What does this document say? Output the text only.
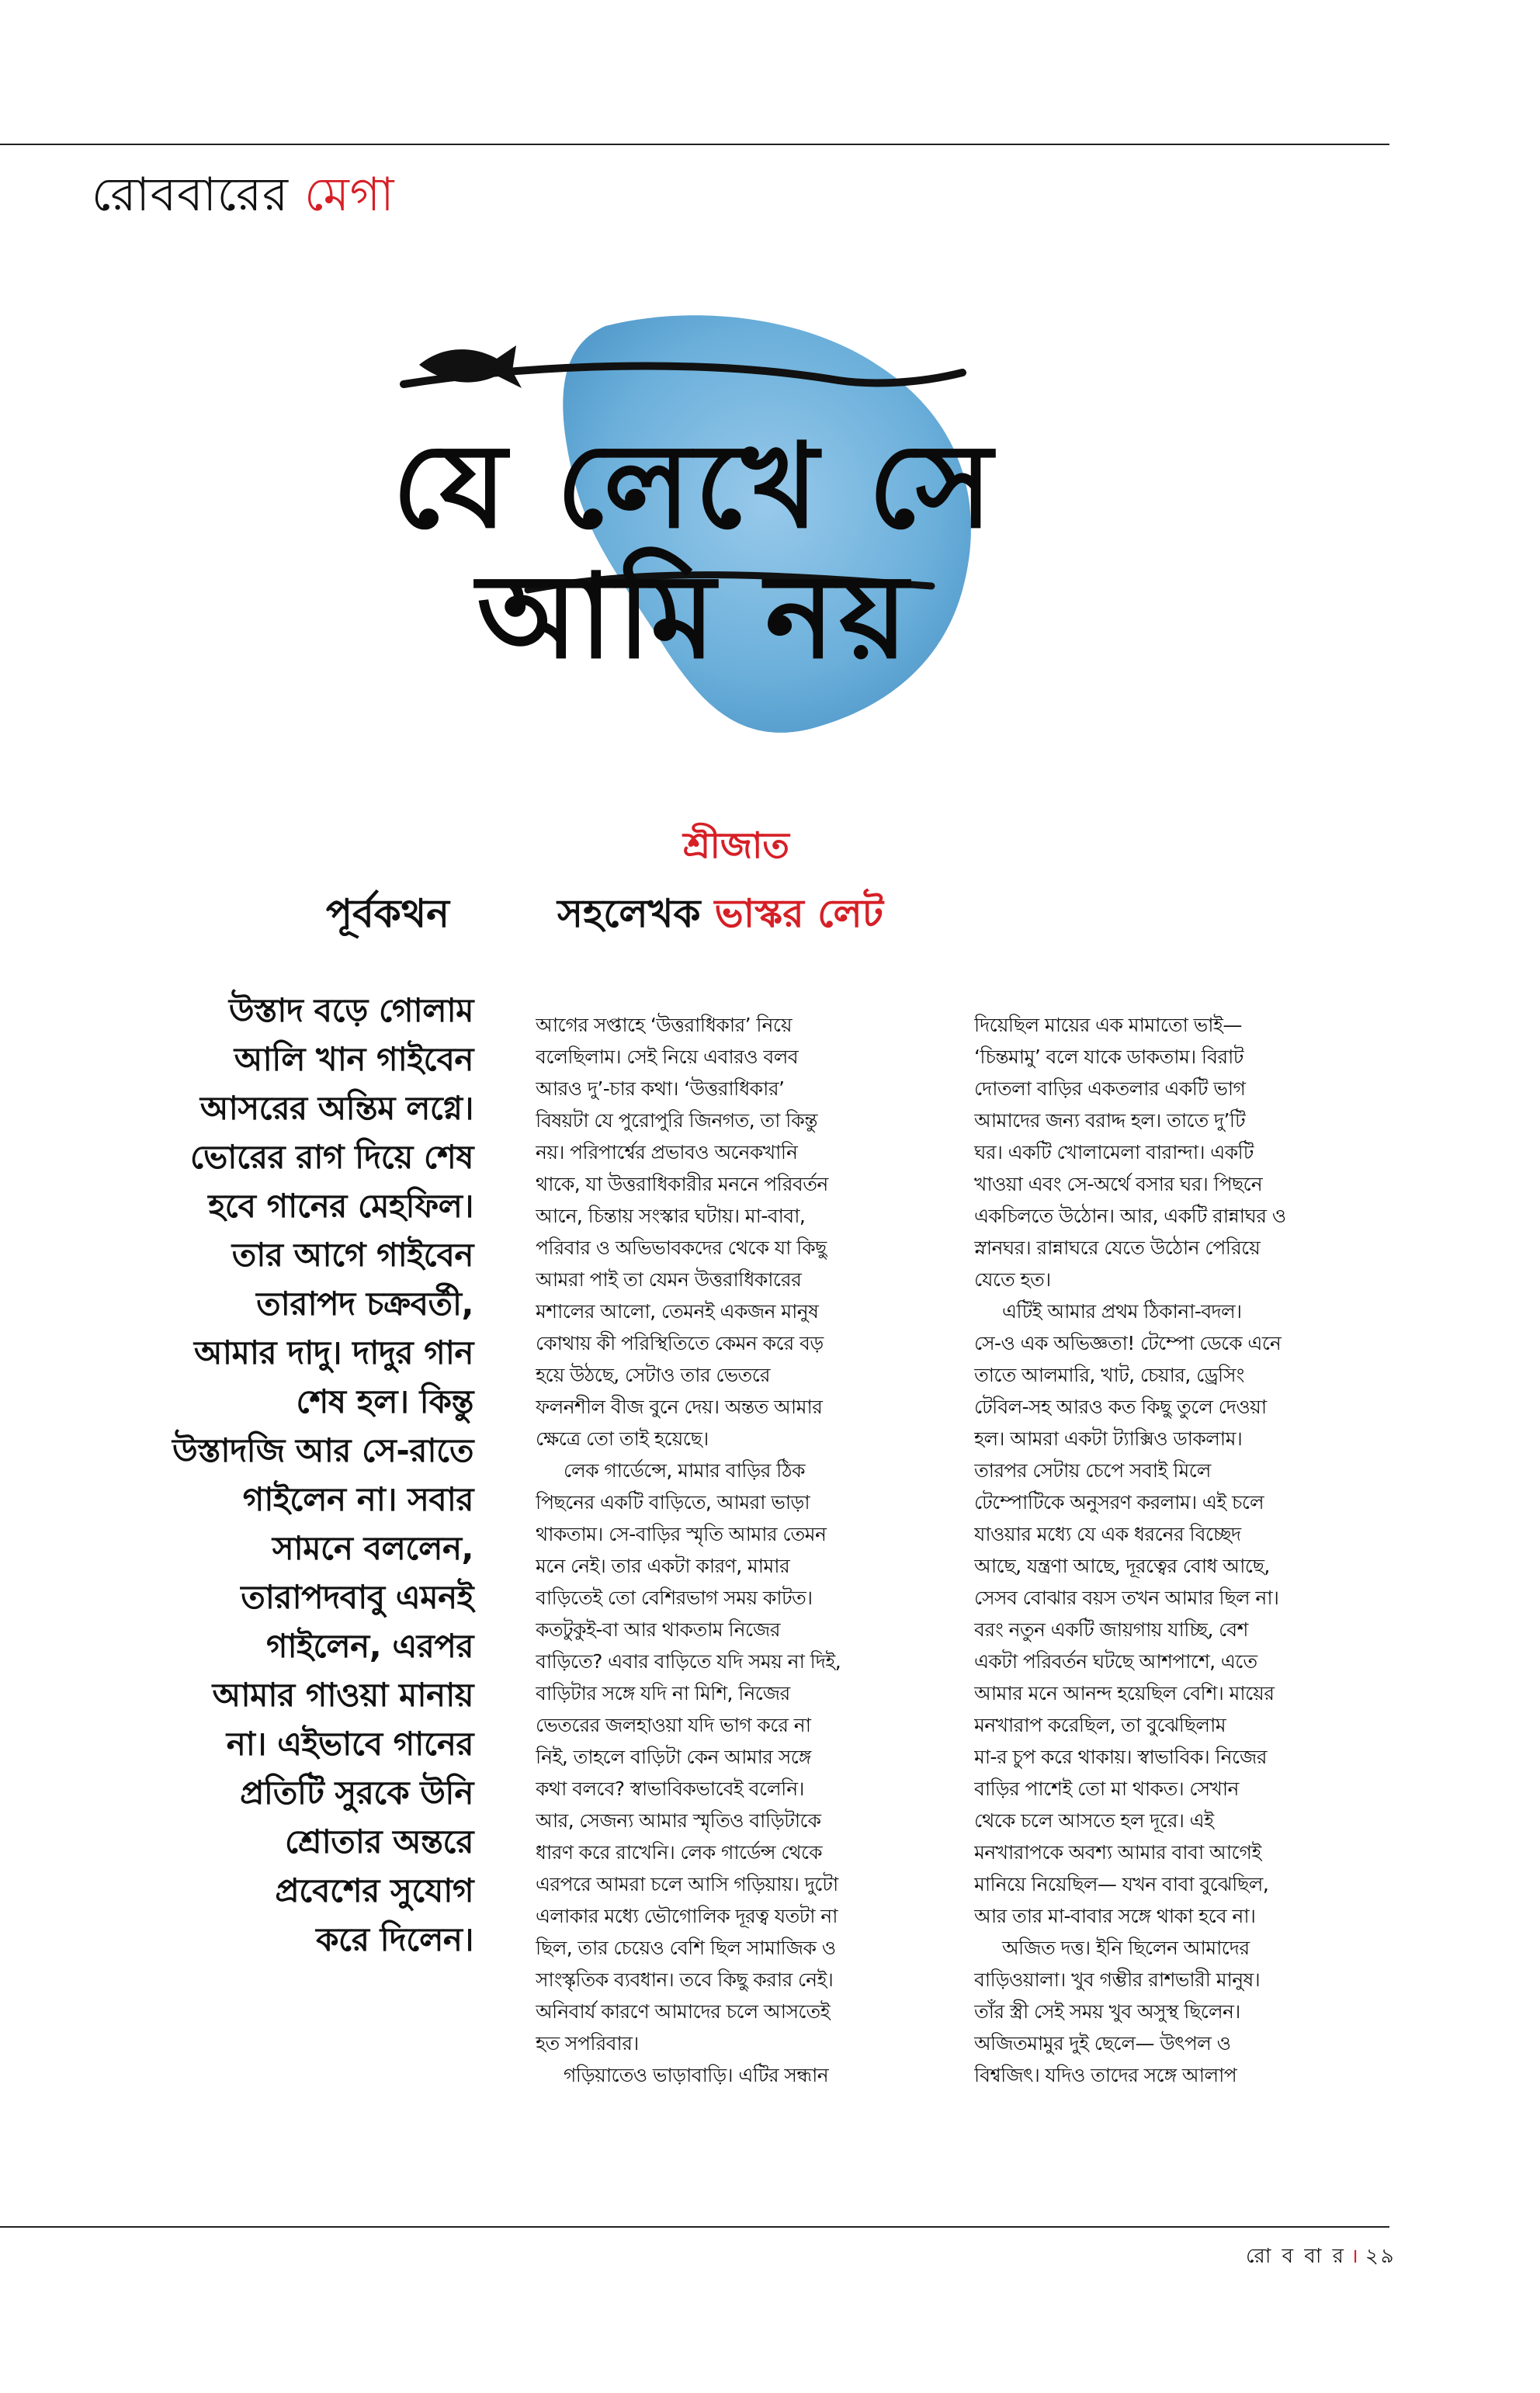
রোববারের মেগা
যে লেখে সে
আমি নয়
শ্রীজাত
পূর্বকথন	সহলেখক ভাস্কর লেট
উস্তাদ বড়ে গোলাম
আলি খান গাইবেন
আসরের অন্তিম লগ্নে।
ভোরের রাগ দিয়ে শেষ
হবে গানের মেহফিল।
তার আগে গাইবেন
তারাপদ চক্রবর্তী,
আমার দাদু। দাদুর গান
শেষ হল। কিন্তু
উস্তাদজি আর সে-রাতে
গাইলেন না। সবার
সামনে বললেন,
তারাপদবাবু এমনই
গাইলেন, এরপর
আমার গাওয়া মানায়
না। এইভাবে গানের
প্রতিটি সুরকে উনি
শ্রোতার অন্তরে
প্রবেশের সুযোগ
করে দিলেন।
আগের সপ্তাহে ‘উত্তরাধিকার’ নিয়ে
বলেছিলাম। সেই নিয়ে এবারও বলব
আরও দু’-চার কথা। ‘উত্তরাধিকার’
বিষয়টা যে পুরোপুরি জিনগত, তা কিন্তু
নয়। পরিপার্শ্বের প্রভাবও অনেকখানি
থাকে, যা উত্তরাধিকারীর মননে পরিবর্তন
আনে, চিন্তায় সংস্কার ঘটায়। মা-বাবা,
পরিবার ও অভিভাবকদের থেকে যা কিছু
আমরা পাই তা যেমন উত্তরাধিকারের
মশালের আলো, তেমনই একজন মানুষ
কোথায় কী পরিস্থিতিতে কেমন করে বড়
হয়ে উঠছে, সেটাও তার ভেতরে
ফলনশীল বীজ বুনে দেয়। অন্তত আমার
ক্ষেত্রে তো তাই হয়েছে।
লেক গার্ডেন্সে, মামার বাড়ির ঠিক
পিছনের একটি বাড়িতে, আমরা ভাড়া
থাকতাম। সে-বাড়ির স্মৃতি আমার তেমন
মনে নেই। তার একটা কারণ, মামার
বাড়িতেই তো বেশিরভাগ সময় কাটত।
কতটুকুই-বা আর থাকতাম নিজের
বাড়িতে? এবার বাড়িতে যদি সময় না দিই,
বাড়িটার সঙ্গে যদি না মিশি, নিজের
ভেতরের জলহাওয়া যদি ভাগ করে না
নিই, তাহলে বাড়িটা কেন আমার সঙ্গে
কথা বলবে? স্বাভাবিকভাবেই বলেনি।
আর, সেজন্য আমার স্মৃতিও বাড়িটাকে
ধারণ করে রাখেনি। লেক গার্ডেন্স থেকে
এরপরে আমরা চলে আসি গড়িয়ায়। দুটো
এলাকার মধ্যে ভৌগোলিক দূরত্ব যতটা না
ছিল, তার চেয়েও বেশি ছিল সামাজিক ও
সাংস্কৃতিক ব্যবধান। তবে কিছু করার নেই।
অনিবার্য কারণে আমাদের চলে আসতেই
হত সপরিবার।
গড়িয়াতেও ভাড়াবাড়ি। এটির সন্ধান
দিয়েছিল মায়ের এক মামাতো ভাই—
‘চিন্তমামু’ বলে যাকে ডাকতাম। বিরাট
দোতলা বাড়ির একতলার একটি ভাগ
আমাদের জন্য বরাদ্দ হল। তাতে দু’টি
ঘর। একটি খোলামেলা বারান্দা। একটি
খাওয়া এবং সে-অর্থে বসার ঘর। পিছনে
একচিলতে উঠোন। আর, একটি রান্নাঘর ও
স্নানঘর। রান্নাঘরে যেতে উঠোন পেরিয়ে
যেতে হত।
এটিই আমার প্রথম ঠিকানা-বদল।
সে-ও এক অভিজ্ঞতা! টেম্পো ডেকে এনে
তাতে আলমারি, খাট, চেয়ার, ড্রেসিং
টেবিল-সহ আরও কত কিছু তুলে দেওয়া
হল। আমরা একটা ট্যাক্সিও ডাকলাম।
তারপর সেটায় চেপে সবাই মিলে
টেম্পোটিকে অনুসরণ করলাম। এই চলে
যাওয়ার মধ্যে যে এক ধরনের বিচ্ছেদ
আছে, যন্ত্রণা আছে, দূরত্বের বোধ আছে,
সেসব বোঝার বয়স তখন আমার ছিল না।
বরং নতুন একটি জায়গায় যাচ্ছি, বেশ
একটা পরিবর্তন ঘটছে আশপাশে, এতে
আমার মনে আনন্দ হয়েছিল বেশি। মায়ের
মনখারাপ করেছিল, তা বুঝেছিলাম
মা-র চুপ করে থাকায়। স্বাভাবিক। নিজের
বাড়ির পাশেই তো মা থাকত। সেখান
থেকে চলে আসতে হল দূরে। এই
মনখারাপকে অবশ্য আমার বাবা আগেই
মানিয়ে নিয়েছিল— যখন বাবা বুঝেছিল,
আর তার মা-বাবার সঙ্গে থাকা হবে না।
অজিত দত্ত। ইনি ছিলেন আমাদের
বাড়িওয়ালা। খুব গম্ভীর রাশভারী মানুষ।
তাঁর স্ত্রী সেই সময় খুব অসুস্থ ছিলেন।
অজিতমামুর দুই ছেলে— উৎপল ও
বিশ্বজিৎ। যদিও তাদের সঙ্গে আলাপ
রো ব বা র । ২৯
